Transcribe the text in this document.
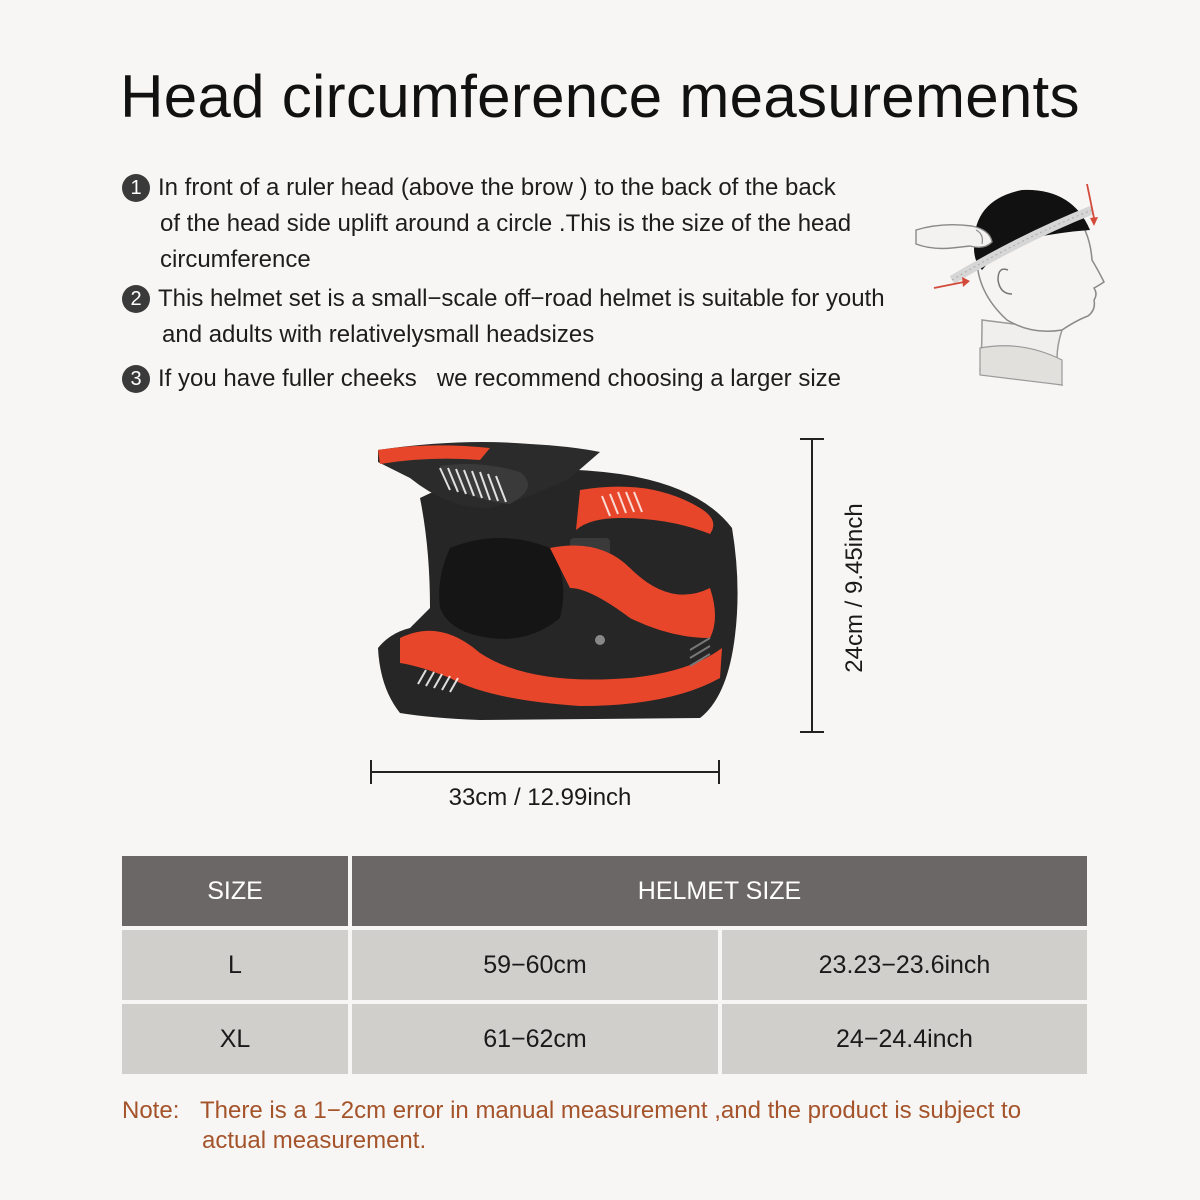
Head circumference measurements
1 In front of a ruler head (above the brow ) to the back of the back
of the head side uplift around a circle .This is the size of the head
circumference
2 This helmet set is a small−scale off−road helmet is suitable for youth
and adults with relativelysmall headsizes
3 If you have fuller cheeks   we recommend choosing a larger size
24cm / 9.45inch
33cm / 12.99inch
SIZE	HELMET SIZE
L	59−60cm	23.23−23.6inch
XL	61−62cm	24−24.4inch
Note: There is a 1−2cm error in manual measurement ,and the product is subject to
actual measurement.
